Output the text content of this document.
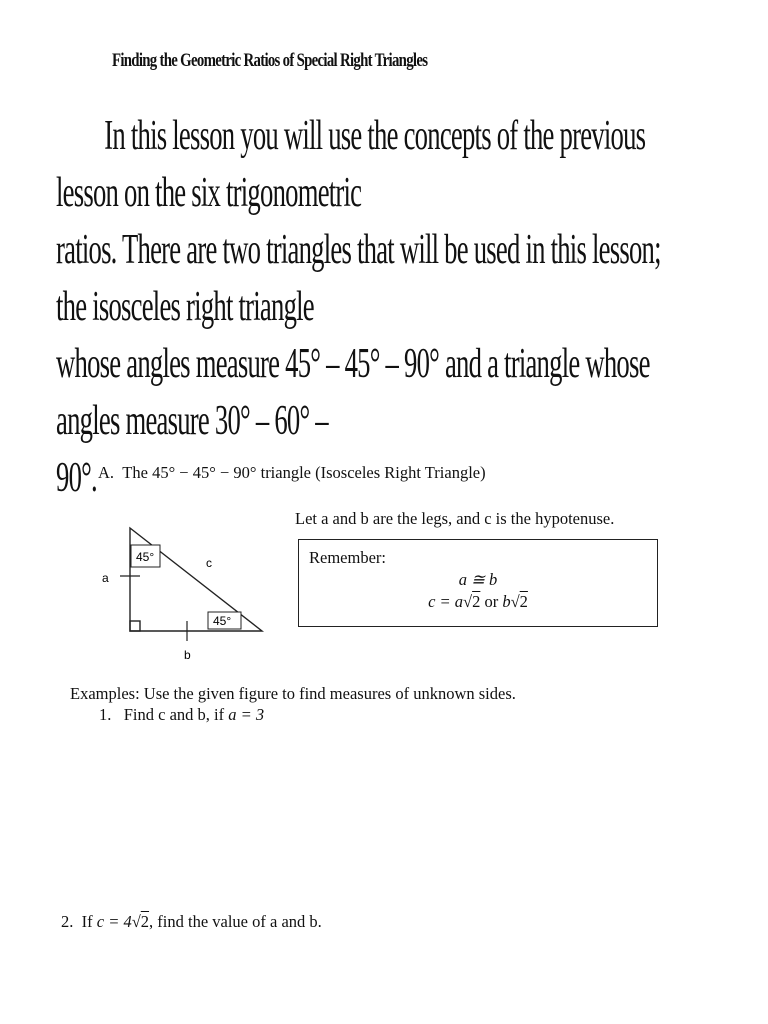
Finding the Geometric Ratios of Special Right Triangles
In this lesson you will use the concepts of the previous lesson on the six trigonometric
ratios. There are two triangles that will be used in this lesson; the isosceles right triangle
whose angles measure 45° – 45° – 90° and a triangle whose angles measure 30° – 60° –
90°. A. The 45° − 45° − 90° triangle (Isosceles Right Triangle)
Let a and b are the legs, and c is the hypotenuse.
45°
45°
a
b
c	Remember:
a ≅ b
c = a√2 or b√2
Examples: Use the given figure to find measures of unknown sides.
1. Find c and b, if a = 3
2. If c = 4√2, find the value of a and b.
